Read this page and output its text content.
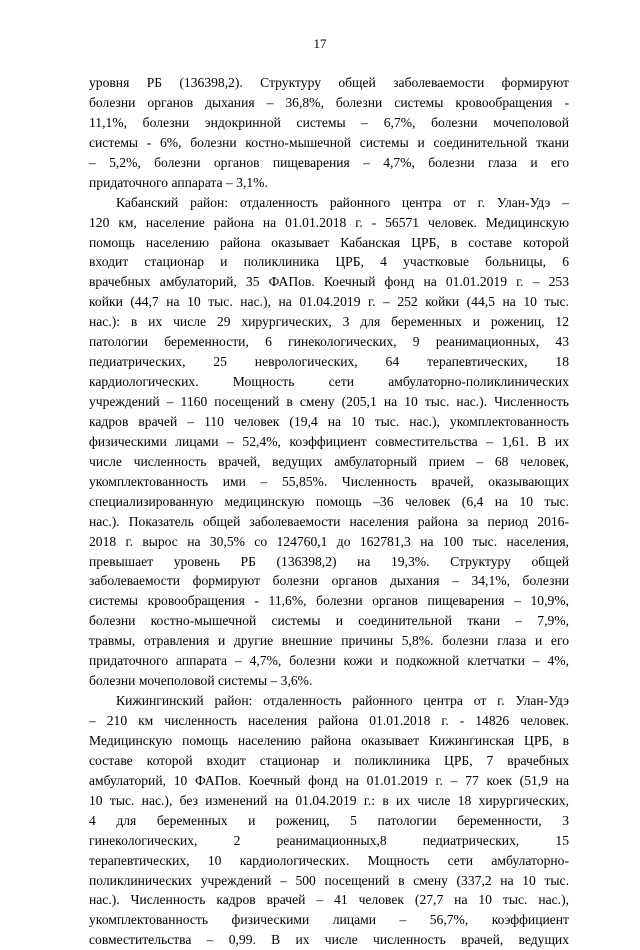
17
уровня РБ (136398,2). Структуру общей заболеваемости формируют
болезни органов дыхания – 36,8%, болезни системы кровообращения -
11,1%, болезни эндокринной системы – 6,7%, болезни мочеполовой
системы - 6%, болезни костно-мышечной системы и соединительной ткани
– 5,2%, болезни органов пищеварения – 4,7%, болезни глаза и его
придаточного аппарата – 3,1%.
Кабанский район: отдаленность районного центра от г. Улан-Удэ –
120 км, население района на 01.01.2018 г. - 56571 человек. Медицинскую
помощь населению района оказывает Кабанская ЦРБ, в составе которой
входит стационар и поликлиника ЦРБ, 4 участковые больницы, 6
врачебных амбулаторий, 35 ФАПов. Коечный фонд на 01.01.2019 г. – 253
койки (44,7 на 10 тыс. нас.), на 01.04.2019 г. – 252 койки (44,5 на 10 тыс.
нас.): в их числе 29 хирургических, 3 для беременных и рожениц, 12
патологии беременности, 6 гинекологических, 9 реанимационных, 43
педиатрических, 25 неврологических, 64 терапевтических, 18
кардиологических. Мощность сети амбулаторно-поликлинических
учреждений – 1160 посещений в смену (205,1 на 10 тыс. нас.). Численность
кадров врачей – 110 человек (19,4 на 10 тыс. нас.), укомплектованность
физическими лицами – 52,4%, коэффициент совместительства – 1,61. В их
числе численность врачей, ведущих амбулаторный прием – 68 человек,
укомплектованность ими – 55,85%. Численность врачей, оказывающих
специализированную медицинскую помощь –36 человек (6,4 на 10 тыс.
нас.). Показатель общей заболеваемости населения района за период 2016-
2018 г. вырос на 30,5% со 124760,1 до 162781,3 на 100 тыс. населения,
превышает уровень РБ (136398,2) на 19,3%. Структуру общей
заболеваемости формируют болезни органов дыхания – 34,1%, болезни
системы кровообращения - 11,6%, болезни органов пищеварения – 10,9%,
болезни костно-мышечной системы и соединительной ткани – 7,9%,
травмы, отравления и другие внешние причины 5,8%. болезни глаза и его
придаточного аппарата – 4,7%, болезни кожи и подкожной клетчатки – 4%,
болезни мочеполовой системы – 3,6%.
Кижингинский район: отдаленность районного центра от г. Улан-Удэ
– 210 км численность населения района 01.01.2018 г. - 14826 человек.
Медицинскую помощь населению района оказывает Кижингинская ЦРБ, в
составе которой входит стационар и поликлиника ЦРБ, 7 врачебных
амбулаторий, 10 ФАПов. Коечный фонд на 01.01.2019 г. – 77 коек (51,9 на
10 тыс. нас.), без изменений на 01.04.2019 г.: в их числе 18 хирургических,
4 для беременных и рожениц, 5 патологии беременности, 3
гинекологических, 2 реанимационных,8 педиатрических, 15
терапевтических, 10 кардиологических. Мощность сети амбулаторно-
поликлинических учреждений – 500 посещений в смену (337,2 на 10 тыс.
нас.). Численность кадров врачей – 41 человек (27,7 на 10 тыс. нас.),
укомплектованность физическими лицами – 56,7%, коэффициент
совместительства – 0,99. В их числе численность врачей, ведущих
